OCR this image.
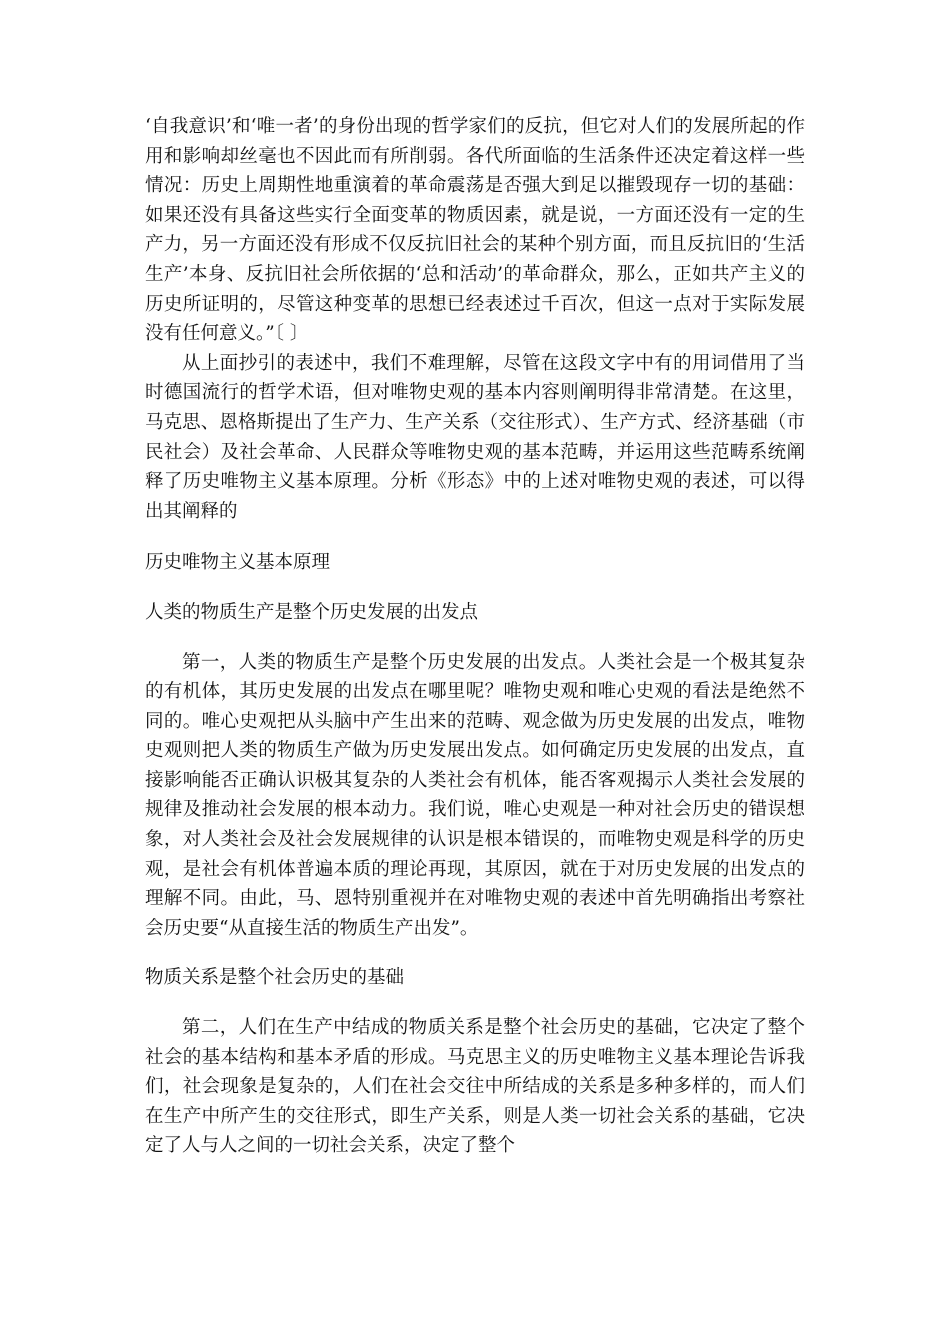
‘自我意识’和‘唯一者’的身份出现的哲学家们的反抗，但它对人们的发展所起的作用和影响却丝毫也不因此而有所削弱。各代所面临的生活条件还决定着这样一些情况：历史上周期性地重演着的革命震荡是否强大到足以摧毁现存一切的基础：如果还没有具备这些实行全面变革的物质因素，就是说，一方面还没有一定的生产力，另一方面还没有形成不仅反抗旧社会的某种个别方面，而且反抗旧的‘生活生产’本身、反抗旧社会所依据的‘总和活动’的革命群众，那么，正如共产主义的历史所证明的，尽管这种变革的思想已经表述过千百次，但这一点对于实际发展没有任何意义。”〔 〕

从上面抄引的表述中，我们不难理解，尽管在这段文字中有的用词借用了当时德国流行的哲学术语，但对唯物史观的基本内容则阐明得非常清楚。在这里，马克思、恩格斯提出了生产力、生产关系（交往形式）、生产方式、经济基础（市民社会）及社会革命、人民群众等唯物史观的基本范畴，并运用这些范畴系统阐释了历史唯物主义基本原理。分析《形态》中的上述对唯物史观的表述，可以得出其阐释的

历史唯物主义基本原理

人类的物质生产是整个历史发展的出发点

第一，人类的物质生产是整个历史发展的出发点。人类社会是一个极其复杂的有机体，其历史发展的出发点在哪里呢？唯物史观和唯心史观的看法是绝然不同的。唯心史观把从头脑中产生出来的范畴、观念做为历史发展的出发点，唯物史观则把人类的物质生产做为历史发展出发点。如何确定历史发展的出发点，直接影响能否正确认识极其复杂的人类社会有机体，能否客观揭示人类社会发展的规律及推动社会发展的根本动力。我们说，唯心史观是一种对社会历史的错误想象，对人类社会及社会发展规律的认识是根本错误的，而唯物史观是科学的历史观，是社会有机体普遍本质的理论再现，其原因，就在于对历史发展的出发点的理解不同。由此，马、恩特别重视并在对唯物史观的表述中首先明确指出考察社会历史要“从直接生活的物质生产出发”。

物质关系是整个社会历史的基础

第二，人们在生产中结成的物质关系是整个社会历史的基础，它决定了整个社会的基本结构和基本矛盾的形成。马克思主义的历史唯物主义基本理论告诉我们，社会现象是复杂的，人们在社会交往中所结成的关系是多种多样的，而人们在生产中所产生的交往形式，即生产关系，则是人类一切社会关系的基础，它决定了人与人之间的一切社会关系，决定了整个
